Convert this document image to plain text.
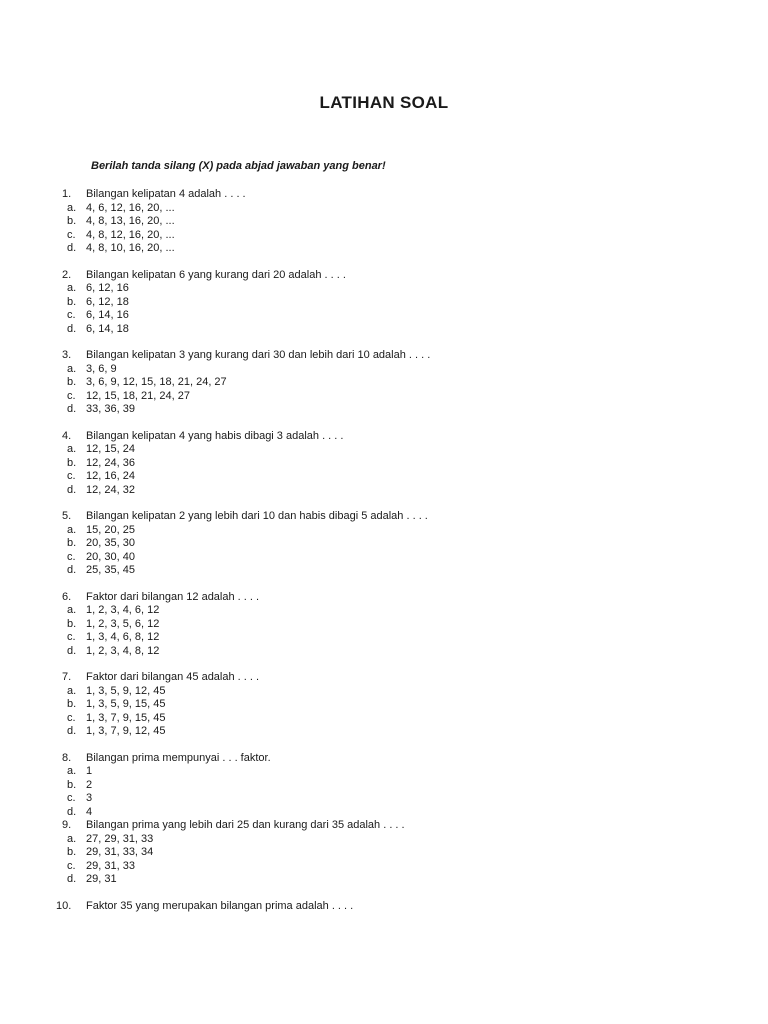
LATIHAN SOAL
Berilah tanda silang (X) pada abjad jawaban yang benar!
1. Bilangan kelipatan 4 adalah . . . .
a. 4, 6, 12, 16, 20, ...
b. 4, 8, 13, 16, 20, ...
c. 4, 8, 12, 16, 20, ...
d. 4, 8, 10, 16, 20, ...
2. Bilangan kelipatan 6 yang kurang dari 20 adalah . . . .
a. 6, 12, 16
b. 6, 12, 18
c. 6, 14, 16
d. 6, 14, 18
3. Bilangan kelipatan 3 yang kurang dari 30 dan lebih dari 10 adalah . . . .
a. 3, 6, 9
b. 3, 6, 9, 12, 15, 18, 21, 24, 27
c. 12, 15, 18, 21, 24, 27
d. 33, 36, 39
4. Bilangan kelipatan 4 yang habis dibagi 3 adalah . . . .
a. 12, 15, 24
b. 12, 24, 36
c. 12, 16, 24
d. 12, 24, 32
5. Bilangan kelipatan 2 yang lebih dari 10 dan habis dibagi 5 adalah . . . .
a. 15, 20, 25
b. 20, 35, 30
c. 20, 30, 40
d. 25, 35, 45
6. Faktor dari bilangan 12 adalah . . . .
a. 1, 2, 3, 4, 6, 12
b. 1, 2, 3, 5, 6, 12
c. 1, 3, 4, 6, 8, 12
d. 1, 2, 3, 4, 8, 12
7. Faktor dari bilangan 45 adalah . . . .
a. 1, 3, 5, 9, 12, 45
b. 1, 3, 5, 9, 15, 45
c. 1, 3, 7, 9, 15, 45
d. 1, 3, 7, 9, 12, 45
8. Bilangan prima mempunyai . . . faktor.
a. 1
b. 2
c. 3
d. 4
9. Bilangan prima yang lebih dari 25 dan kurang dari 35 adalah . . . .
a. 27, 29, 31, 33
b. 29, 31, 33, 34
c. 29, 31, 33
d. 29, 31
10. Faktor 35 yang merupakan bilangan prima adalah . . . .
